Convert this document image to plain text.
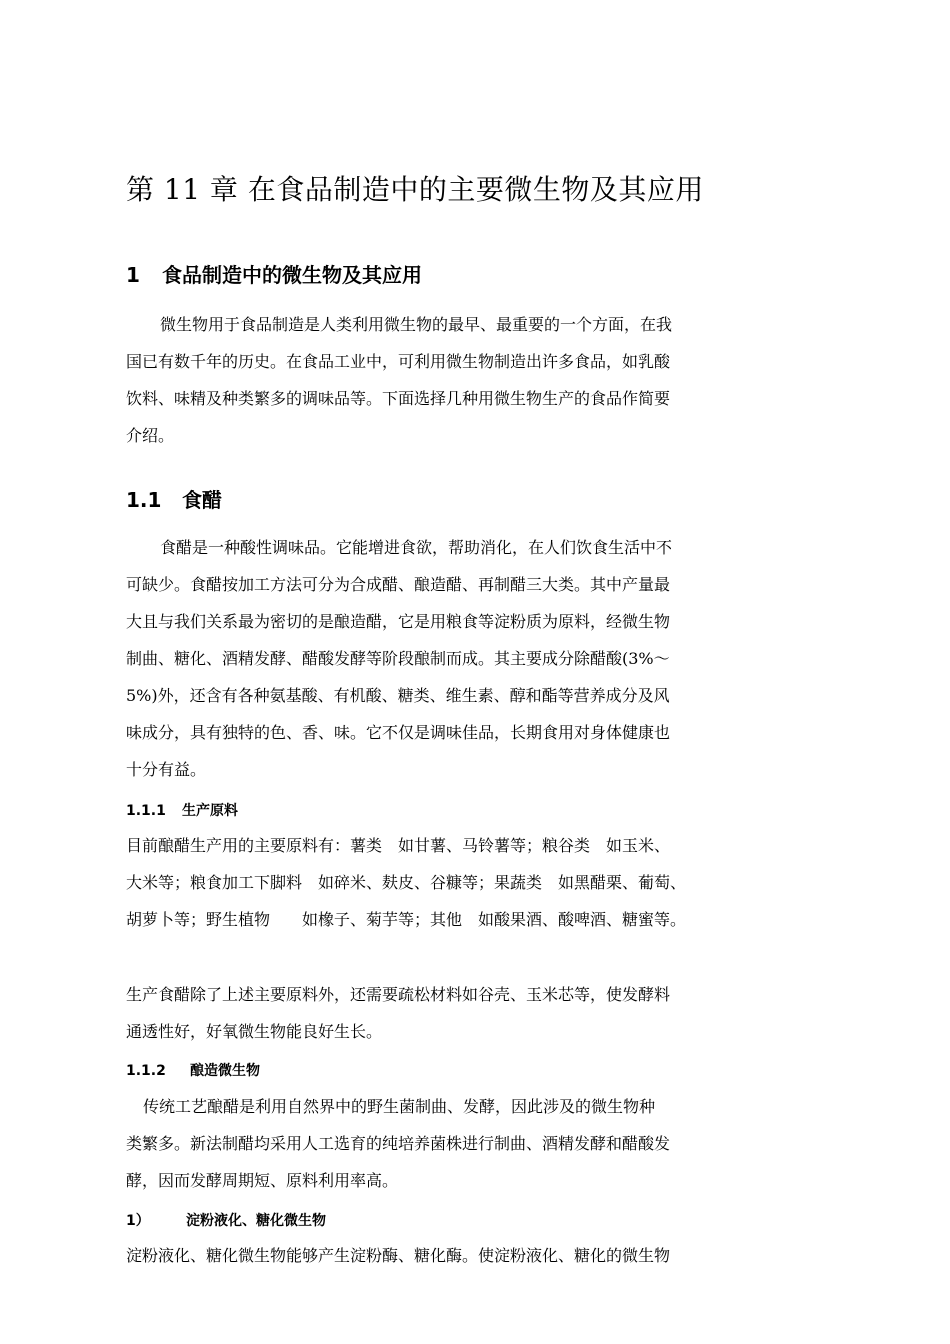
第 11 章 在食品制造中的主要微生物及其应用
1 食品制造中的微生物及其应用

微生物用于食品制造是人类利用微生物的最早、最重要的一个方面，在我

国已有数千年的历史。在食品工业中，可利用微生物制造出许多食品，如乳酸

饮料、味精及种类繁多的调味品等。下面选择几种用微生物生产的食品作简要

介绍。

1.1 食醋

食醋是一种酸性调味品。它能增进食欲，帮助消化，在人们饮食生活中不

可缺少。食醋按加工方法可分为合成醋、酿造醋、再制醋三大类。其中产量最

大且与我们关系最为密切的是酿造醋，它是用粮食等淀粉质为原料，经微生物

制曲、糖化、酒精发酵、醋酸发酵等阶段酿制而成。其主要成分除醋酸(3%～

5%)外，还含有各种氨基酸、有机酸、糖类、维生素、醇和酯等营养成分及风

味成分，具有独特的色、香、味。它不仅是调味佳品，长期食用对身体健康也

十分有益。

1.1.1 生产原料

目前酿醋生产用的主要原料有：薯类　如甘薯、马铃薯等；粮谷类　如玉米、

大米等；粮食加工下脚料　如碎米、麸皮、谷糠等；果蔬类　如黑醋栗、葡萄、

胡萝卜等；野生植物　　如橡子、菊芋等；其他　如酸果酒、酸啤酒、糖蜜等。

生产食醋除了上述主要原料外，还需要疏松材料如谷壳、玉米芯等，使发酵料

通透性好，好氧微生物能良好生长。

1.1.2 酿造微生物

传统工艺酿醋是利用自然界中的野生菌制曲、发酵，因此涉及的微生物种

类繁多。新法制醋均采用人工选育的纯培养菌株进行制曲、酒精发酵和醋酸发

酵，因而发酵周期短、原料利用率高。

1）	淀粉液化、糖化微生物

淀粉液化、糖化微生物能够产生淀粉酶、糖化酶。使淀粉液化、糖化的微生物
